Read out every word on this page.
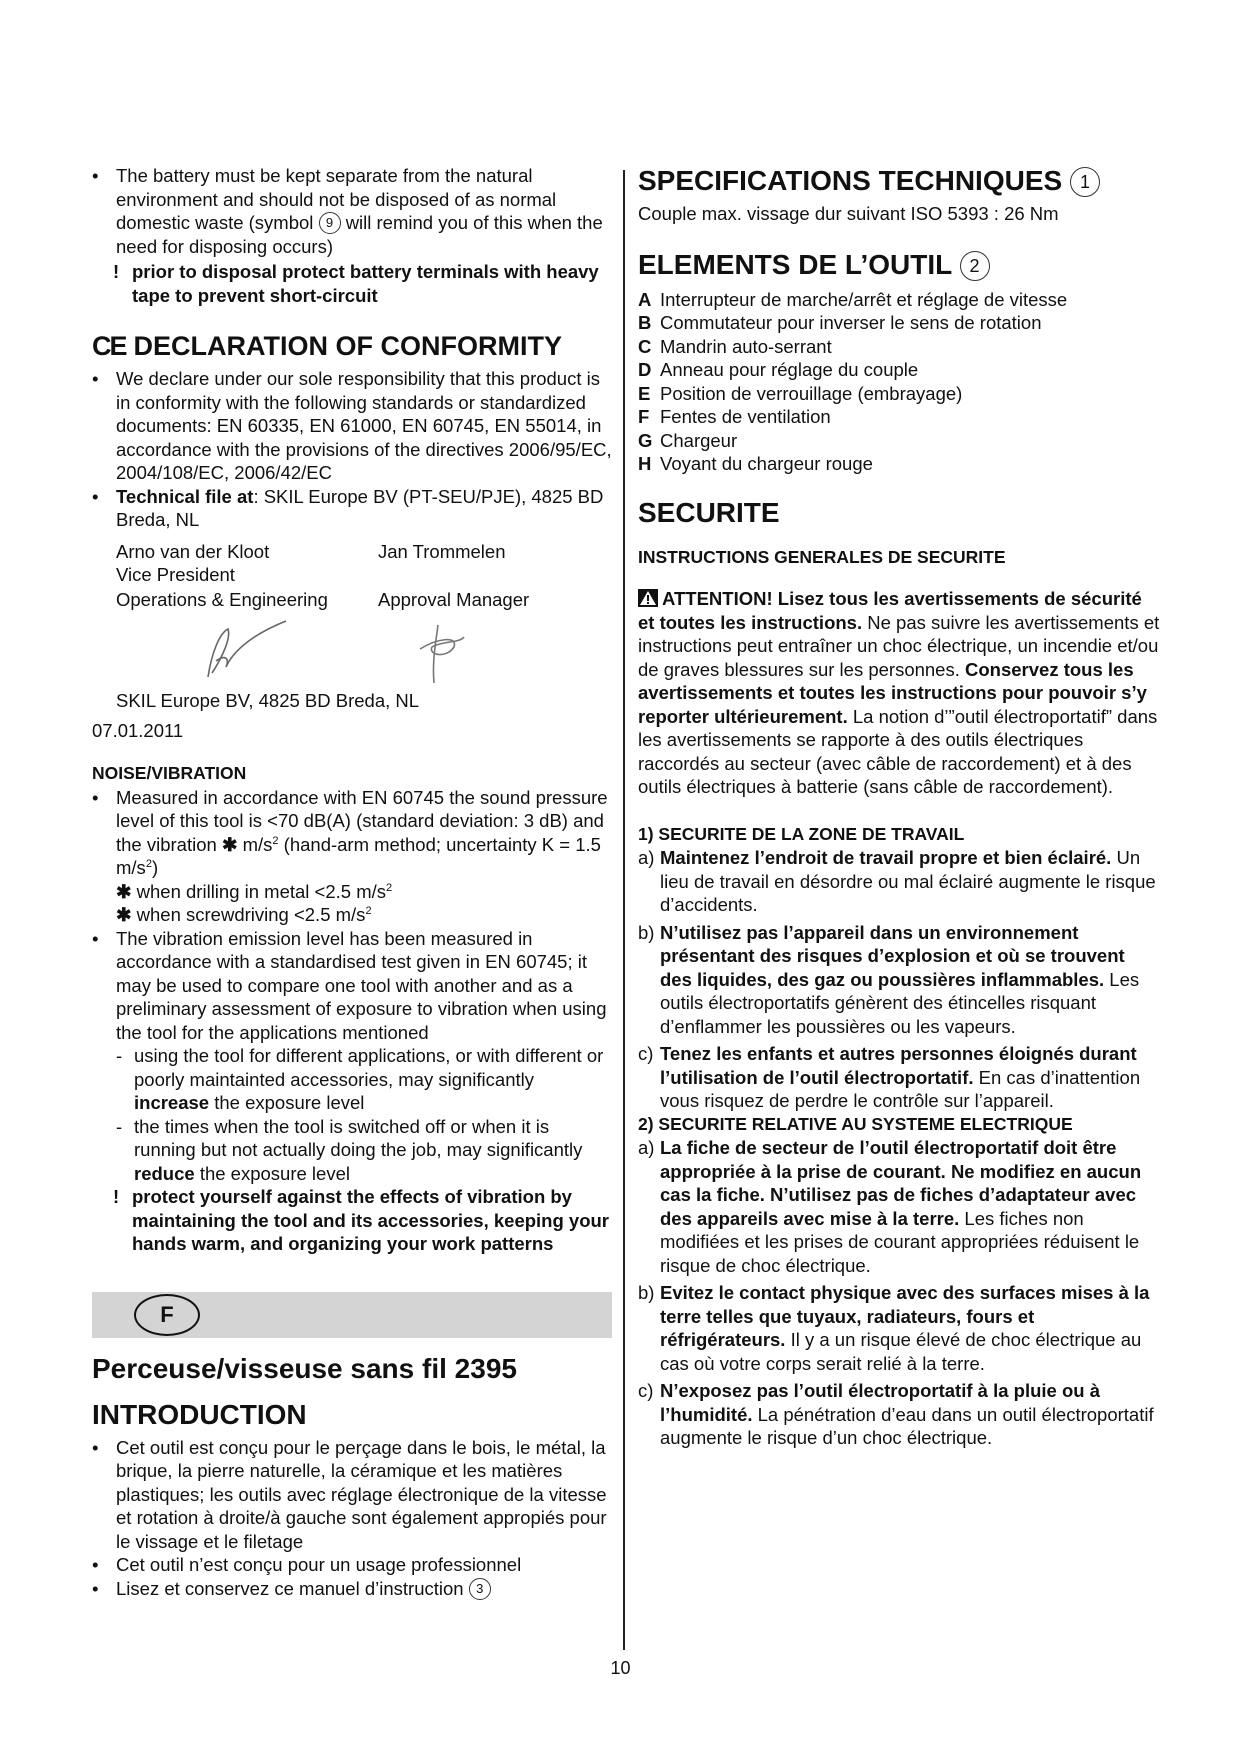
• The battery must be kept separate from the natural environment and should not be disposed of as normal domestic waste (symbol 9 will remind you of this when the need for disposing occurs)

! prior to disposal protect battery terminals with heavy tape to prevent short-circuit

CE DECLARATION OF CONFORMITY

• We declare under our sole responsibility that this product is in conformity with the following standards or standardized documents: EN 60335, EN 61000, EN 60745, EN 55014, in accordance with the provisions of the directives 2006/95/EC, 2004/108/EC, 2006/42/EC

• Technical file at: SKIL Europe BV (PT-SEU/PJE), 4825 BD Breda, NL

Arno van der Kloot
Vice President
Operations & Engineering
Jan Trommelen

Approval Manager

SKIL Europe BV, 4825 BD Breda, NL

07.01.2011

NOISE/VIBRATION

• Measured in accordance with EN 60745 the sound pressure level of this tool is <70 dB(A) (standard deviation: 3 dB) and the vibration ✱ $m/s^2$ (hand-arm method; uncertainty K = 1.5 $m/s^2$)

✱ when drilling in metal <2.5 $m/s^2$

✱ when screwdriving <2.5 $m/s^2$

• The vibration emission level has been measured in accordance with a standardised test given in EN 60745; it may be used to compare one tool with another and as a preliminary assessment of exposure to vibration when using the tool for the applications mentioned

- using the tool for different applications, or with different or poorly maintainted accessories, may significantly increase the exposure level

- the times when the tool is switched off or when it is running but not actually doing the job, may significantly reduce the exposure level

! protect yourself against the effects of vibration by maintaining the tool and its accessories, keeping your hands warm, and organizing your work patterns

F
Perceuse/visseuse sans fil 2395
INTRODUCTION

• Cet outil est conçu pour le perçage dans le bois, le métal, la brique, la pierre naturelle, la céramique et les matières plastiques; les outils avec réglage électronique de la vitesse et rotation à droite/à gauche sont également appropiés pour le vissage et le filetage

• Cet outil n’est conçu pour un usage professionnel

• Lisez et conservez ce manuel d’instruction 3

SPECIFICATIONS TECHNIQUES 1

Couple max. vissage dur suivant ISO 5393 : 26 Nm

ELEMENTS DE L’OUTIL 2

A Interrupteur de marche/arrêt et réglage de vitesse

B Commutateur pour inverser le sens de rotation

C Mandrin auto-serrant

D Anneau pour réglage du couple

E Position de verrouillage (embrayage)

F Fentes de ventilation

G Chargeur

H Voyant du chargeur rouge

SECURITE

INSTRUCTIONS GENERALES DE SECURITE

ATTENTION! Lisez tous les avertissements de sécurité et toutes les instructions. Ne pas suivre les avertissements et instructions peut entraîner un choc électrique, un incendie et/ou de graves blessures sur les personnes. Conservez tous les avertissements et toutes les instructions pour pouvoir s’y reporter ultérieurement. La notion d’”outil électroportatif” dans les avertissements se rapporte à des outils électriques raccordés au secteur (avec câble de raccordement) et à des outils électriques à batterie (sans câble de raccordement).

1) SECURITE DE LA ZONE DE TRAVAIL

a) Maintenez l’endroit de travail propre et bien éclairé. Un lieu de travail en désordre ou mal éclairé augmente le risque d’accidents.

b) N’utilisez pas l’appareil dans un environnement présentant des risques d’explosion et où se trouvent des liquides, des gaz ou poussières inflammables. Les outils électroportatifs génèrent des étincelles risquant d’enflammer les poussières ou les vapeurs.

c) Tenez les enfants et autres personnes éloignés durant l’utilisation de l’outil électroportatif. En cas d’inattention vous risquez de perdre le contrôle sur l’appareil.

2) SECURITE RELATIVE AU SYSTEME ELECTRIQUE

a) La fiche de secteur de l’outil électroportatif doit être appropriée à la prise de courant. Ne modifiez en aucun cas la fiche. N’utilisez pas de fiches d’adaptateur avec des appareils avec mise à la terre. Les fiches non modifiées et les prises de courant appropriées réduisent le risque de choc électrique.

b) Evitez le contact physique avec des surfaces mises à la terre telles que tuyaux, radiateurs, fours et réfrigérateurs. Il y a un risque élevé de choc électrique au cas où votre corps serait relié à la terre.

c) N’exposez pas l’outil électroportatif à la pluie ou à l’humidité. La pénétration d’eau dans un outil électroportatif augmente le risque d’un choc électrique.

10
